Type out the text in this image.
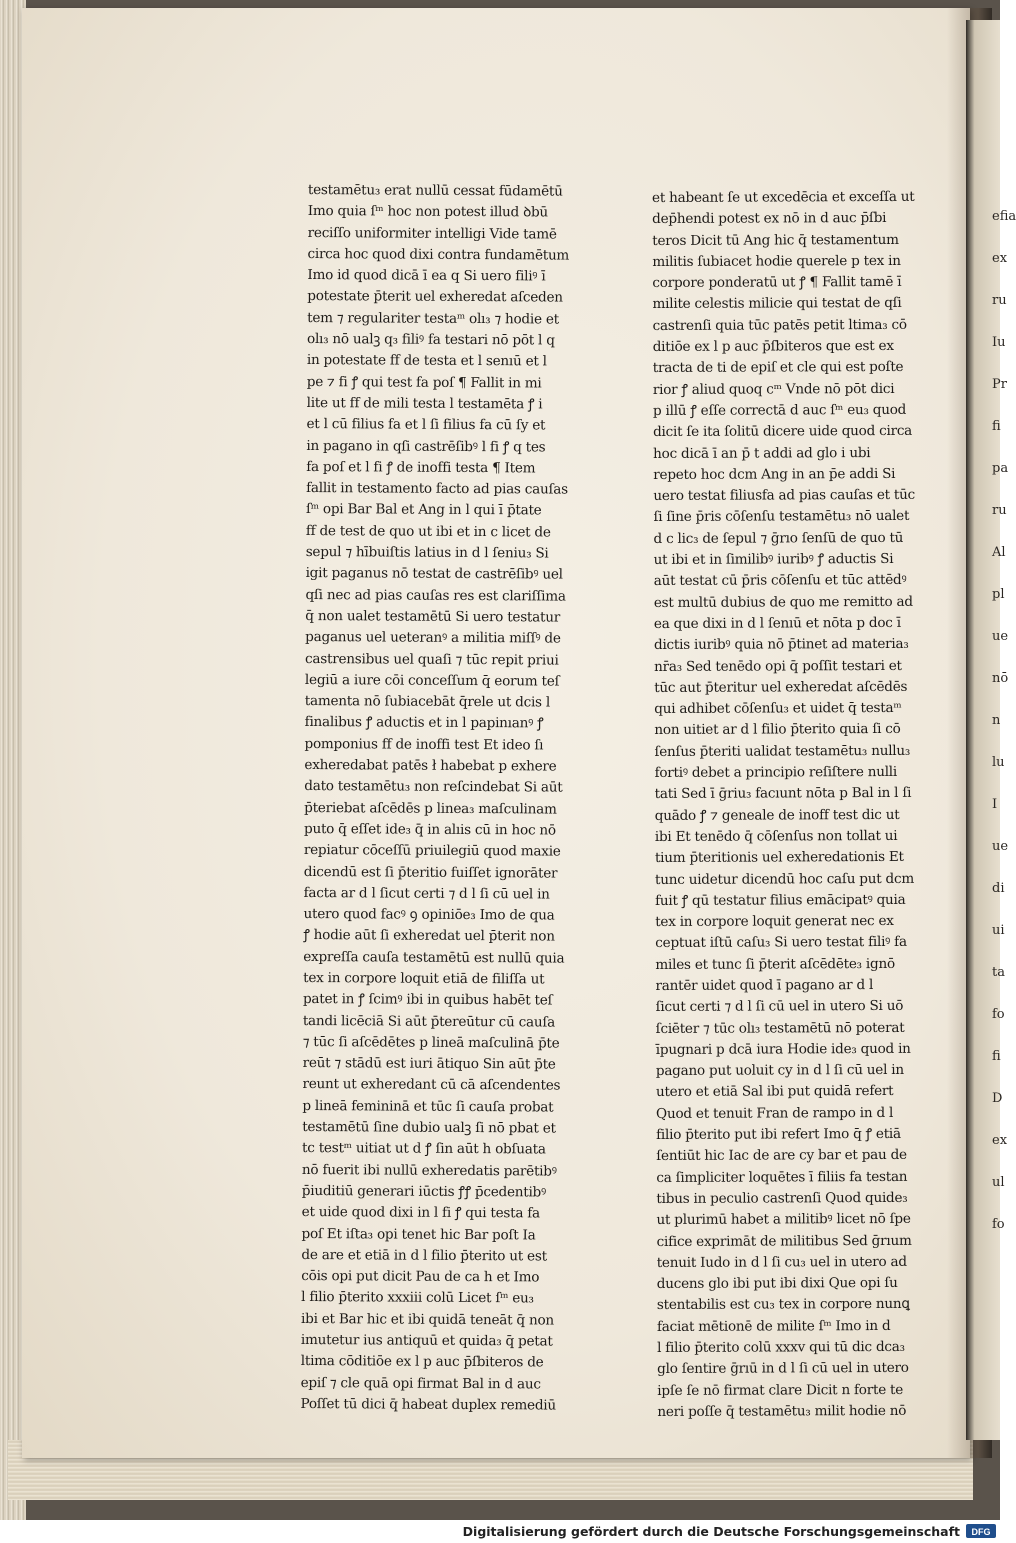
testamētu₃ erat nullū cessat fūdamētū
Imo quia ſᵐ hoc non potest illud ꝺbū
reciſſo uniformiter intelligi Vide tamē
circa hoc quod dixi contra fundamētum
Imo id quod dicā ī ea q Si uero filiꝰ ī
potestate p̄terit uel exheredat aſceden
tem ⁊ regulariter testaᵐ olı₃ ⁊ hodie et
olı₃ nō ualꝫ q₃ filiꝰ fa testari nō pōt l q
in potestate ff de testa et l senıū et l
pe ⁊ fi ꝭ qui test fa poſ ¶ Fallit in mi
lite ut ff de mili testa l testamēta ꝭ i
et l cū filius fa et l ſi filius fa cū ſy et
in pagano in qſi castrēſibꝰ l fi ꝭ q tes
fa poſ et l fi ꝭ de inoffi testa ¶ Item
fallit in testamento facto ad pias cauſas
ſᵐ opi Bar Bal et Ang in l qui ī p̄tate
ff de test de quo ut ibi et in c licet de
sepul ⁊ hībuiſtis latius in d l ſeniu₃ Si
igit paganus nō testat de castrēſibꝰ uel
qſi nec ad pias cauſas res est clariſſima
q̄ non ualet testamētū Si uero testatur
paganus uel ueteranꝰ a militia miſſꝰ de
castrensibus uel quaſi ⁊ tūc repit priui
legiū a iure cōi conceſſum q̄ eorum teſ
tamenta nō ſubiacebāt q̄rele ut dcis l
finalibus ꝭ aductis et in l papinıanꝰ ꝭ
pomponius ff de inoffi test Et ideo ſı
exheredabat patēs ł habebat p exhere
dato testamētu₃ non reſcindebat Si aūt
p̄teriebat aſcēdēs p linea₃ maſculinam
puto q̄ eſſet ide₃ q̄ in alıis cū in hoc nō
repiatur cōceſſū priuilegiū quod maxie
dicendū est ſi p̄teritio fuiſſet ignorāter
facta ar d l ſicut certi ⁊ d l ſi cū uel in
utero quod facꝰ ꝯ opiniōe₃ Imo de qua
ꝭ hodie aūt ſi exheredat uel p̄terit non
expreſſa cauſa testamētū est nullū quia
tex in corpore loquit etiā de filiſſa ut
patet in ꝭ ſcimꝰ ibi in quibus habēt teſ
tandi licēciā Si aūt p̄tereūtur cū cauſa
⁊ tūc ſi aſcēdētes p lineā maſculinā p̄te
reūt ⁊ stādū est iuri ātiquo Sin aūt p̄te
reunt ut exheredant cū cā aſcendentes
p lineā femininā et tūc ſi cauſa probat
testamētū ſine dubio ualꝫ ſi nō pbat et
tc testᵐ uitiat ut d ꝭ ſin aūt h obſuata
nō fuerit ibi nullū exheredatis parētibꝰ
p̄iuditiū generari iūctis ꝭꝭ p̄cedentibꝰ
et uide quod dixi in l fi ꝭ qui testa fa
poſ Et iſta₃ opi tenet hic Bar poſt Ia
de are et etiā in d l filio p̄terito ut est
cōis opi put dicit Pau de ca h et Imo
l filio p̄terito xxxiii colū Licet ſᵐ eu₃
ibi et Bar hic et ibi quidā teneāt q̄ non
imutetur ius antiquū et quida₃ q̄ petat
ltima cōditiōe ex l p auc p̄ſbiteros de
epiſ ⁊ cle quā opi firmat Bal in d auc
Poſſet tū dici q̄ habeat duplex remediū
et habeant ſe ut excedēcia et exceſſa ut
dep̄hendi potest ex nō in d auc p̄ſbi
teros Dicit tū Ang hic q̄ testamentum
militis ſubiacet hodie querele p tex in
corpore ponderatū ut ꝭ ¶ Fallit tamē ī
milite celestis milicie qui testat de qſi
castrenſi quia tūc patēs petit ltima₃ cō
ditiōe ex l p auc p̄ſbiteros que est ex
tracta de ti de epiſ et cle qui est poſte
rior ꝭ aliud quoq cᵐ Vnde nō pōt dici
p illū ꝭ eſſe correctā d auc ſᵐ eu₃ quod
dicit ſe ita ſolitū dicere uide quod circa
hoc dicā ī an p̄ t addi ad glo i ubi
repeto hoc dcm Ang in an p̄e addi Si
uero testat filiusfa ad pias cauſas et tūc
ſi ſine p̄ris cōſenſu testamētu₃ nō ualet
d c lic₃ de ſepul ⁊ ḡrıo ſenſū de quo tū
ut ibi et in ſimilibꝰ iuribꝰ ꝭ aductis Si
aūt testat cū p̄ris cōſenſu et tūc attēdꝰ
est multū dubius de quo me remitto ad
ea que dixi in d l ſenıū et nōta p doc ī
dictis iuribꝰ quia nō p̄tinet ad materia₃
nr̄a₃ Sed tenēdo opi q̄ poſſit testari et
tūc aut p̄teritur uel exheredat aſcēdēs
qui adhibet cōſenſu₃ et uidet q̄ testaᵐ
non uitiet ar d l filio p̄terito quia ſi cō
ſenſus p̄teriti ualidat testamētu₃ nullu₃
fortiꝰ debet a principio reſiſtere nulli
tati Sed ī ḡriu₃ facıunt nōta p Bal in l ſi
quādo ꝭ ⁊ geneale de inoff test dic ut
ibi Et tenēdo q̄ cōſenſus non tollat ui
tium p̄teritionis uel exheredationis Et
tunc uidetur dicendū hoc caſu put dcm
fuit ꝭ qū testatur filius emācipatꝰ quia
tex in corpore loquit generat nec ex
ceptuat iſtū caſu₃ Si uero testat filiꝰ fa
miles et tunc ſi p̄terit aſcēdēte₃ ignō
rantēr uidet quod ī pagano ar d l
ſicut certi ⁊ d l ſi cū uel in utero Si uō
ſciēter ⁊ tūc olı₃ testamētū nō poterat
īpugnari p dcā iura Hodie ide₃ quod in
pagano put uoluit cy in d l ſi cū uel in
utero et etiā Sal ibi put quidā refert
Quod et tenuit Fran de rampo in d l
filio p̄terito put ibi refert Imo q̄ ꝭ etiā
ſentiūt hic Iac de are cy bar et pau de
ca ſimpliciter loquētes ī filiis fa testan
tibus in peculio castrenſi Quod quide₃
ut plurimū habet a militibꝰ licet nō ſpe
cifice exprimāt de militibus Sed ḡrıum
tenuit Iudo in d l ſi cu₃ uel in utero ad
ducens glo ibi put ibi dixi Que opi ſu
stentabilis est cu₃ tex in corpore nunꝗ
faciat mētionē de milite ſᵐ Imo in d
l filio p̄terito colū xxxv qui tū dic dca₃
glo ſentire ḡrıū in d l ſi cū uel in utero
ipſe ſe nō firmat clare Dicit n forte te
neri poſſe q̄ testamētu₃ milit hodie nō
efia
ex
ru
Iu
Pr
fi
pa
ru
Al
pl
ue
nō
n
lu
I
ue
di
ui
ta
fo
fi
D
ex
ul
fo
Digitalisierung gefördert durch die Deutsche Forschungsgemeinschaft DFG
